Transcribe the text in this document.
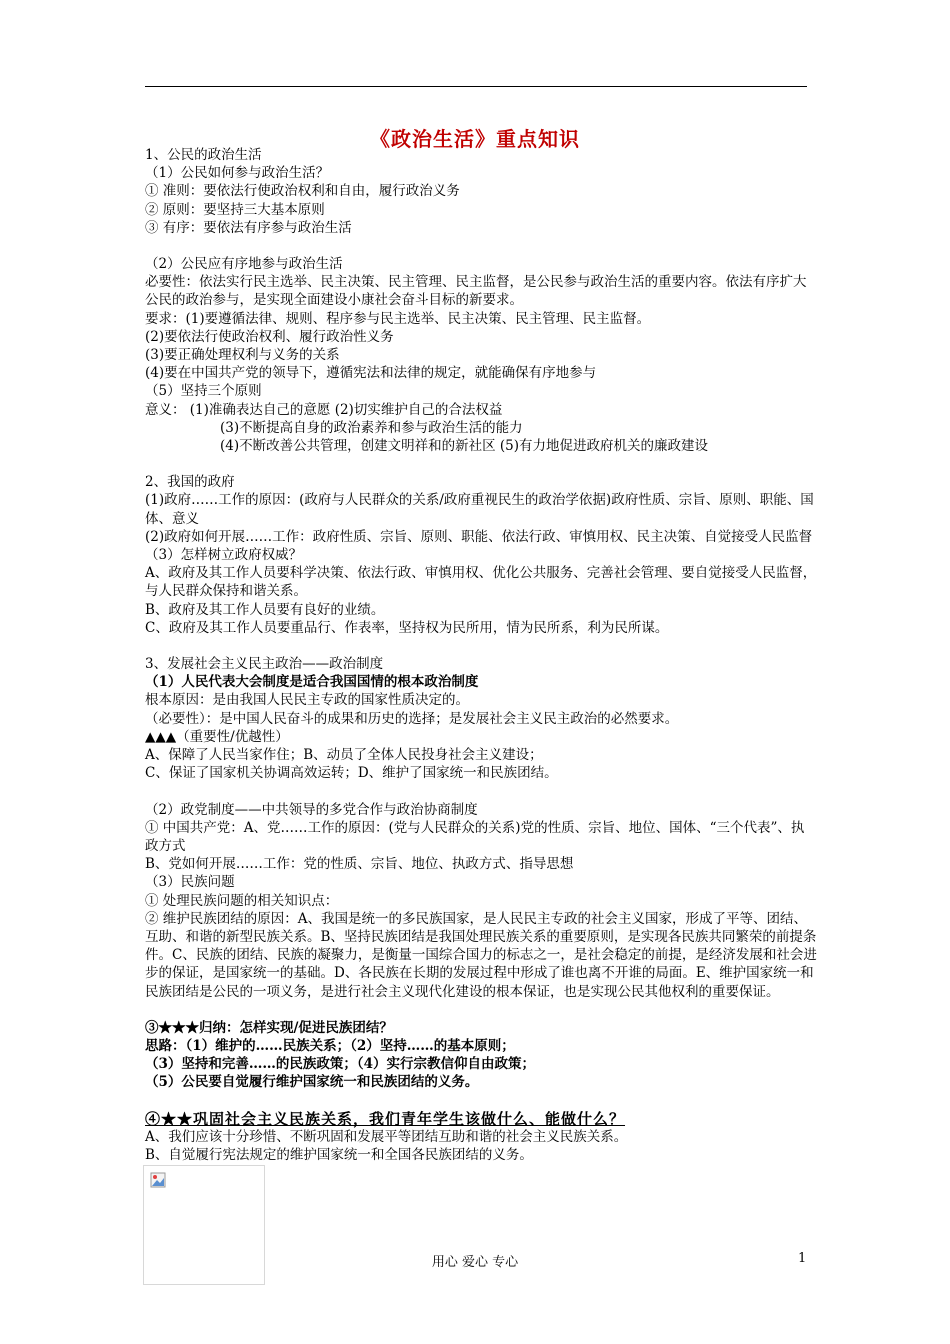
《政治生活》重点知识

1、公民的政治生活

（1）公民如何参与政治生活？

① 准则：要依法行使政治权利和自由，履行政治义务

② 原则：要坚持三大基本原则

③ 有序：要依法有序参与政治生活

（2）公民应有序地参与政治生活

必要性：依法实行民主选举、民主决策、民主管理、民主监督，是公民参与政治生活的重要内容。依法有序扩大公民的政治参与，是实现全面建设小康社会奋斗目标的新要求。

要求：(1)要遵循法律、规则、程序参与民主选举、民主决策、民主管理、民主监督。

(2)要依法行使政治权利、履行政治性义务

(3)要正确处理权利与义务的关系

(4)要在中国共产党的领导下，遵循宪法和法律的规定，就能确保有序地参与

（5）坚持三个原则

意义： (1)准确表达自己的意愿 (2)切实维护自己的合法权益

(3)不断提高自身的政治素养和参与政治生活的能力

(4)不断改善公共管理，创建文明祥和的新社区 (5)有力地促进政府机关的廉政建设

2、我国的政府

(1)政府……工作的原因：(政府与人民群众的关系/政府重视民生的政治学依据)政府性质、宗旨、原则、职能、国体、意义

(2)政府如何开展……工作：政府性质、宗旨、原则、职能、依法行政、审慎用权、民主决策、自觉接受人民监督

（3）怎样树立政府权威？

A、政府及其工作人员要科学决策、依法行政、审慎用权、优化公共服务、完善社会管理、要自觉接受人民监督，与人民群众保持和谐关系。

B、政府及其工作人员要有良好的业绩。

C、政府及其工作人员要重品行、作表率，坚持权为民所用，情为民所系，利为民所谋。

3、发展社会主义民主政治——政治制度

（1）人民代表大会制度是适合我国国情的根本政治制度

根本原因：是由我国人民民主专政的国家性质决定的。

（必要性）：是中国人民奋斗的成果和历史的选择；是发展社会主义民主政治的必然要求。

▲▲▲（重要性/优越性）

A、保障了人民当家作住；B、动员了全体人民投身社会主义建设；

C、保证了国家机关协调高效运转；D、维护了国家统一和民族团结。

（2）政党制度——中共领导的多党合作与政治协商制度

① 中国共产党：A、党……工作的原因：(党与人民群众的关系)党的性质、宗旨、地位、国体、“三个代表”、执政方式

B、党如何开展……工作：党的性质、宗旨、地位、执政方式、指导思想

（3）民族问题

① 处理民族问题的相关知识点：

② 维护民族团结的原因：A、我国是统一的多民族国家，是人民民主专政的社会主义国家，形成了平等、团结、互助、和谐的新型民族关系。B、坚持民族团结是我国处理民族关系的重要原则，是实现各民族共同繁荣的前提条件。C、民族的团结、民族的凝聚力，是衡量一国综合国力的标志之一，是社会稳定的前提，是经济发展和社会进步的保证，是国家统一的基础。D、各民族在长期的发展过程中形成了谁也离不开谁的局面。E、维护国家统一和民族团结是公民的一项义务，是进行社会主义现代化建设的根本保证，也是实现公民其他权利的重要保证。

③★★★归纳：怎样实现/促进民族团结？

思路：（1）维护的……民族关系；（2）坚持……的基本原则；

（3）坚持和完善……的民族政策；（4）实行宗教信仰自由政策；

（5）公民要自觉履行维护国家统一和民族团结的义务。

④★★巩固社会主义民族关系，我们青年学生该做什么、能做什么？

A、我们应该十分珍惜、不断巩固和发展平等团结互助和谐的社会主义民族关系。

B、自觉履行宪法规定的维护国家统一和全国各民族团结的义务。

用心 爱心 专心	1
